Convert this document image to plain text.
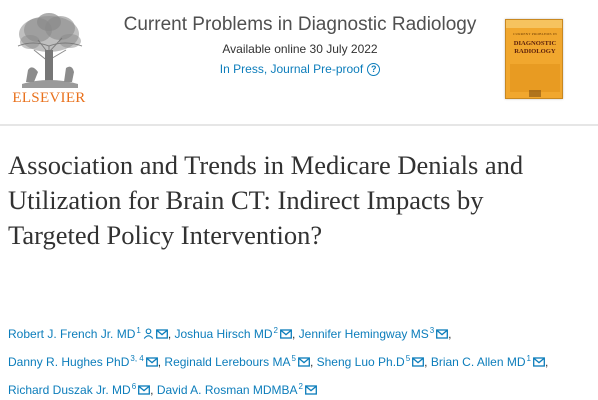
ELSEVIER
Current Problems in Diagnostic Radiology
Available online 30 July 2022
In Press, Journal Pre-proof ?
CURRENT PROBLEMS IN
DIAGNOSTIC RADIOLOGY
Association and Trends in Medicare Denials and Utilization for Brain CT: Indirect Impacts by Targeted Policy Intervention?
Robert J. French Jr. $MD^1$ , Joshua Hirsch $MD^2$ , Jennifer Hemingway $MS^3$ , Danny R. Hughes PhD$^{3, 4}$ , Reginald Lerebours $MA^5$ , Sheng Luo $Ph.D^5$ , Brian C. Allen $MD^1$ , Richard Duszak Jr. $MD^6$ , David A. Rosman MDMBA$^2$
